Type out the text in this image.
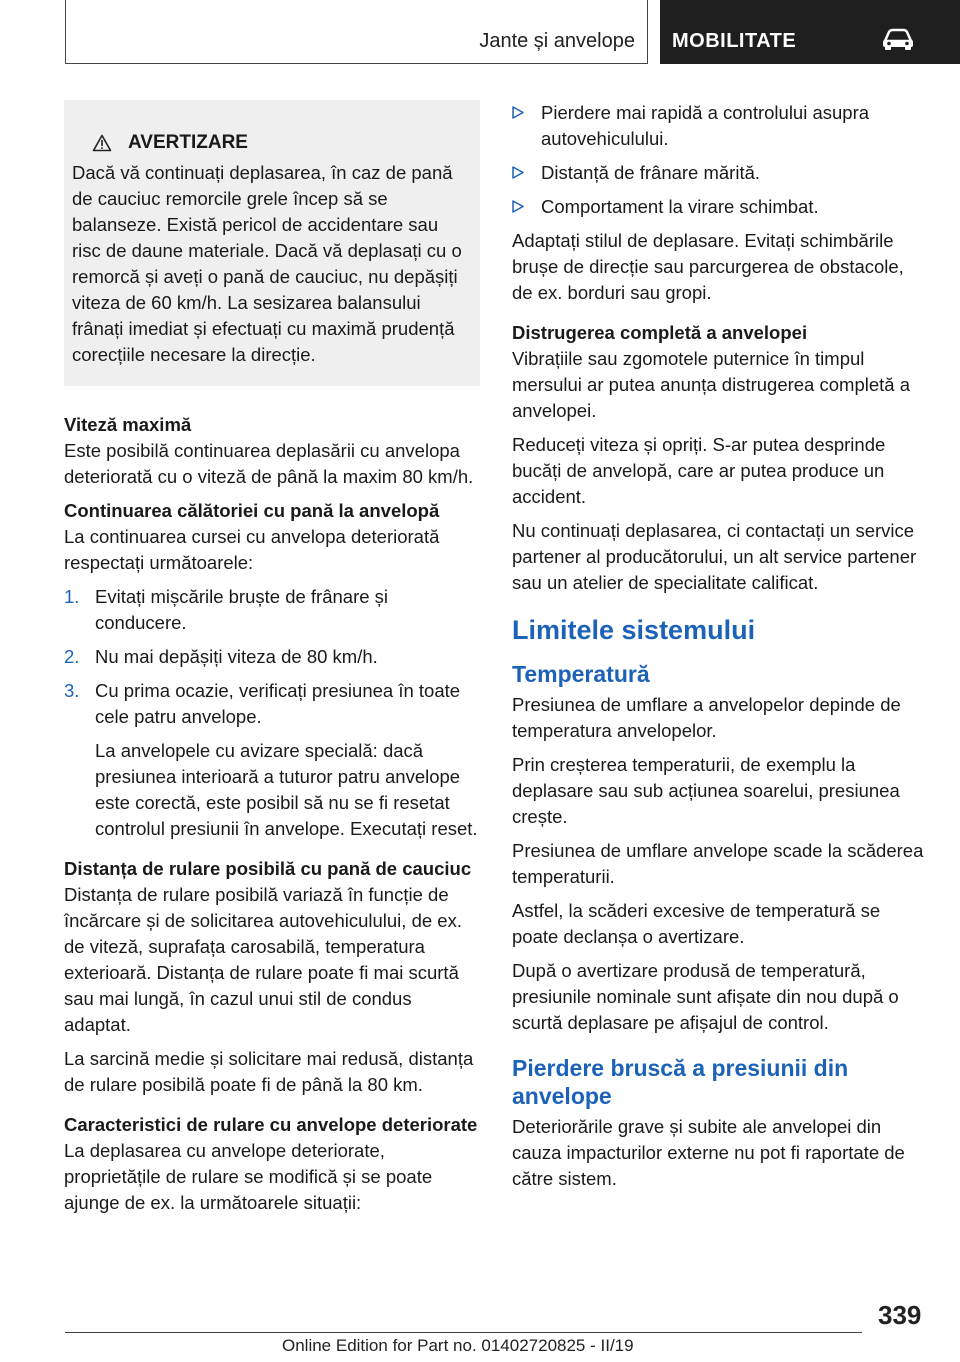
Jante și anvelope MOBILITATE
AVERTIZARE

Dacă vă continuați deplasarea, în caz de pană de cauciuc remorcile grele încep să se balanseze. Există pericol de accidentare sau risc de daune materiale. Dacă vă deplasați cu o remorcă și aveți o pană de cauciuc, nu depășiți viteza de 60 km/h. La sesizarea balansului frânați imediat și efectuați cu maximă prudență corecțiile necesare la direcție.

Viteză maximă

Este posibilă continuarea deplasării cu anvelopa deteriorată cu o viteză de până la maxim 80 km/h.

Continuarea călătoriei cu pană la anvelopă

La continuarea cursei cu anvelopa deteriorată respectați următoarele:

1. Evitați mișcările bruște de frânare și conducere.
2. Nu mai depășiți viteza de 80 km/h.
3. Cu prima ocazie, verificați presiunea în toate cele patru anvelope.

La anvelopele cu avizare specială: dacă presiunea interioară a tuturor patru anvelope este corectă, este posibil să nu se fi resetat controlul presiunii în anvelope. Executați reset.

Distanța de rulare posibilă cu pană de cauciuc

Distanța de rulare posibilă variază în funcție de încărcare și de solicitarea autovehiculului, de ex. de viteză, suprafața carosabilă, temperatura exterioară. Distanța de rulare poate fi mai scurtă sau mai lungă, în cazul unui stil de condus adaptat.

La sarcină medie și solicitare mai redusă, distanța de rulare posibilă poate fi de până la 80 km.

Caracteristici de rulare cu anvelope deteriorate

La deplasarea cu anvelope deteriorate, proprietățile de rulare se modifică și se poate ajunge de ex. la următoarele situații:

Pierdere mai rapidă a controlului asupra autovehiculului.
Distanță de frânare mărită.
Comportament la virare schimbat.

Adaptați stilul de deplasare. Evitați schimbările brușe de direcție sau parcurgerea de obstacole, de ex. borduri sau gropi.

Distrugerea completă a anvelopei

Vibrațiile sau zgomotele puternice în timpul mersului ar putea anunța distrugerea completă a anvelopei.

Reduceți viteza și opriți. S-ar putea desprinde bucăți de anvelopă, care ar putea produce un accident.

Nu continuați deplasarea, ci contactați un service partener al producătorului, un alt service partener sau un atelier de specialitate calificat.

Limitele sistemului
Temperatură

Presiunea de umflare a anvelopelor depinde de temperatura anvelopelor.

Prin creșterea temperaturii, de exemplu la deplasare sau sub acțiunea soarelui, presiunea crește.

Presiunea de umflare anvelope scade la scăderea temperaturii.

Astfel, la scăderi excesive de temperatură se poate declanșa o avertizare.

După o avertizare produsă de temperatură, presiunile nominale sunt afișate din nou după o scurtă deplasare pe afișajul de control.

Pierdere bruscă a presiunii din anvelope

Deteriorările grave și subite ale anvelopei din cauza impacturilor externe nu pot fi raportate de către sistem.

339
Online Edition for Part no. 01402720825 - II/19
